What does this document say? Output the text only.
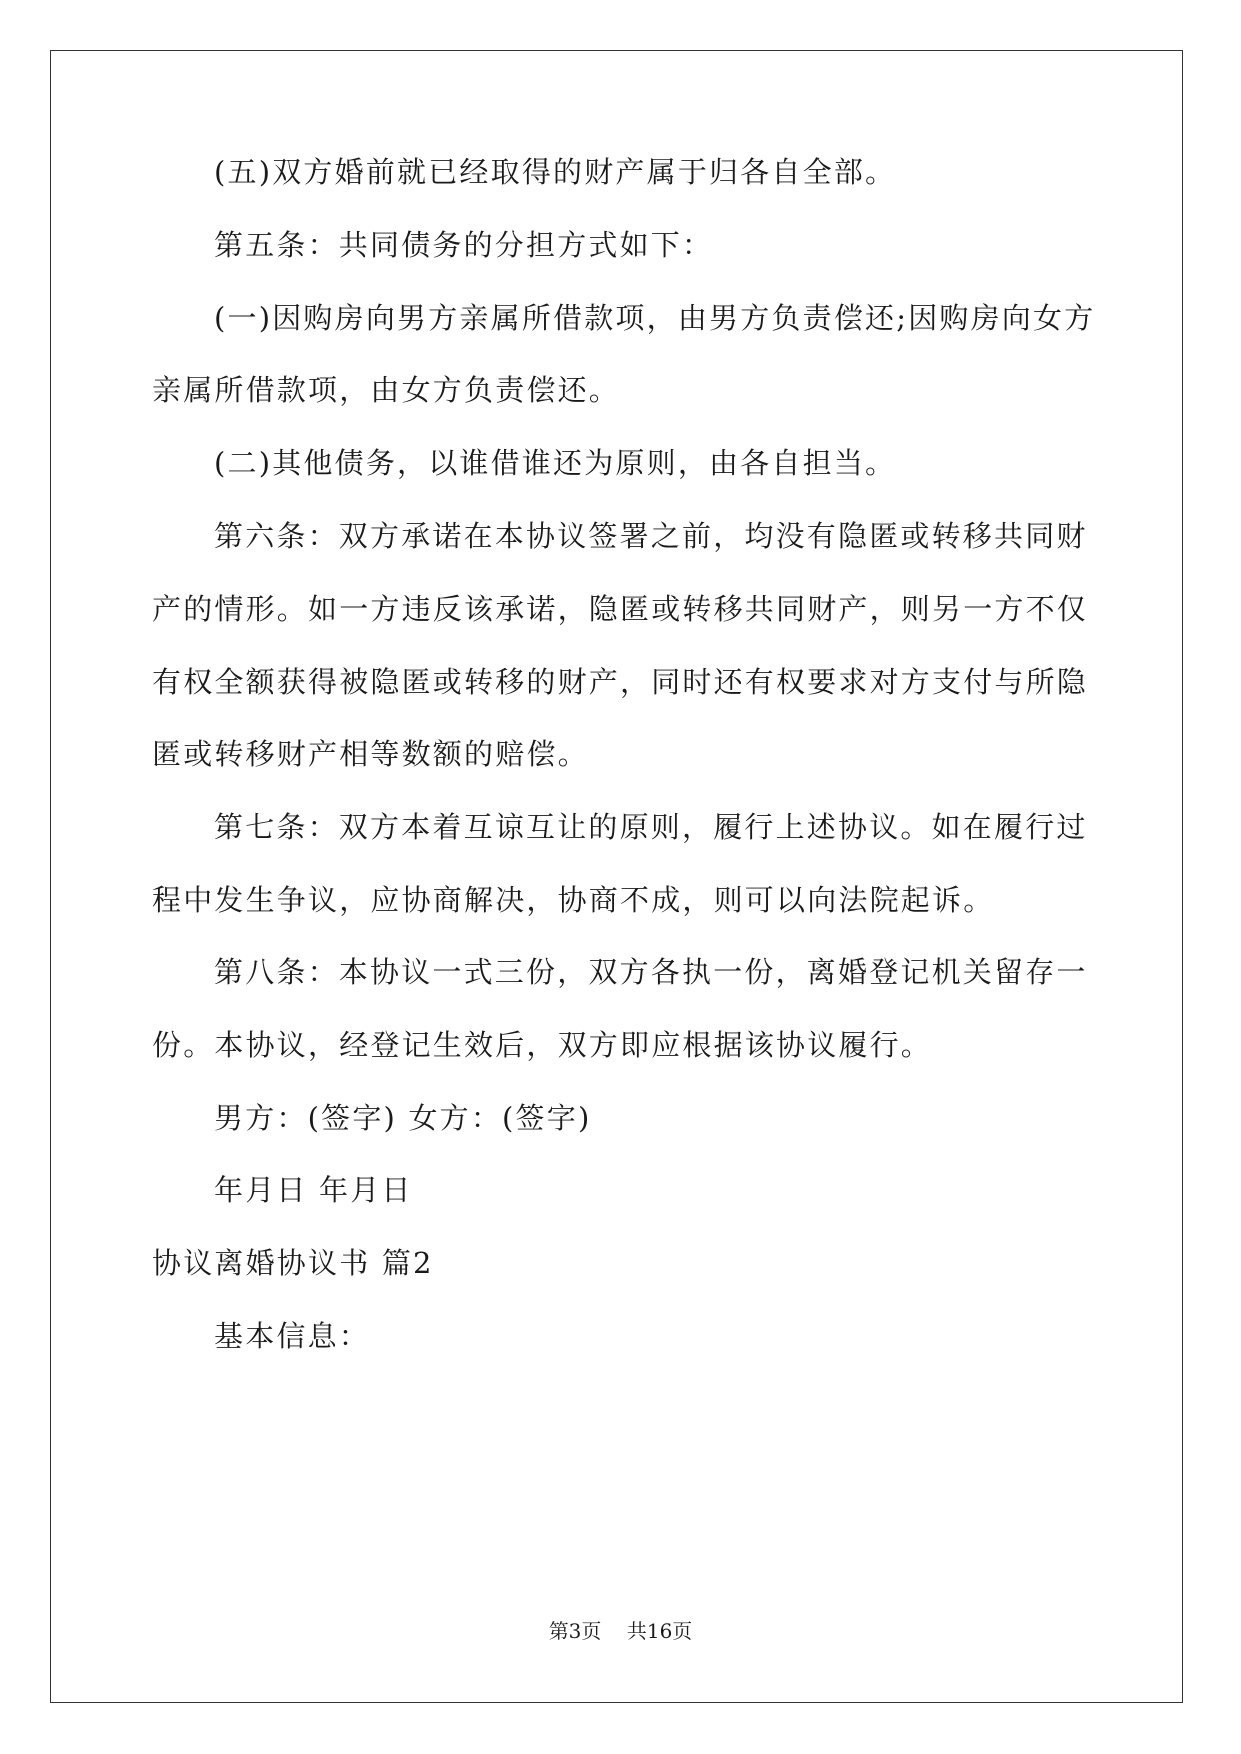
(五)双方婚前就已经取得的财产属于归各自全部。
第五条：共同债务的分担方式如下：
(一)因购房向男方亲属所借款项，由男方负责偿还;因购房向女方
亲属所借款项，由女方负责偿还。
(二)其他债务，以谁借谁还为原则，由各自担当。
第六条：双方承诺在本协议签署之前，均没有隐匿或转移共同财
产的情形。如一方违反该承诺，隐匿或转移共同财产，则另一方不仅
有权全额获得被隐匿或转移的财产，同时还有权要求对方支付与所隐
匿或转移财产相等数额的赔偿。
第七条：双方本着互谅互让的原则，履行上述协议。如在履行过
程中发生争议，应协商解决，协商不成，则可以向法院起诉。
第八条：本协议一式三份，双方各执一份，离婚登记机关留存一
份。本协议，经登记生效后，双方即应根据该协议履行。
男方：(签字) 女方：(签字)
年月日 年月日
协议离婚协议书 篇2
基本信息：
第3页 共16页
